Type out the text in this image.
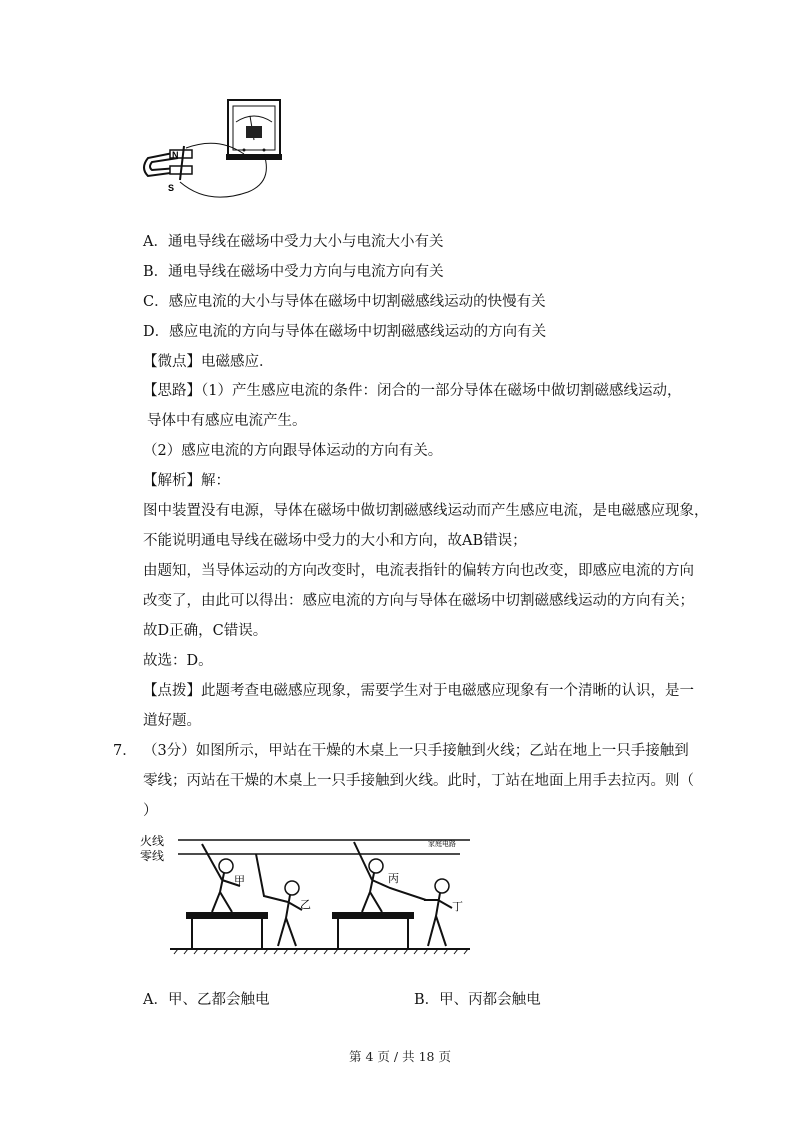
N
S
A．通电导线在磁场中受力大小与电流大小有关
B．通电导线在磁场中受力方向与电流方向有关
C．感应电流的大小与导体在磁场中切割磁感线运动的快慢有关
D．感应电流的方向与导体在磁场中切割磁感线运动的方向有关
【微点】电磁感应．
【思路】（1）产生感应电流的条件：闭合的一部分导体在磁场中做切割磁感线运动，
导体中有感应电流产生。
（2）感应电流的方向跟导体运动的方向有关。
【解析】解：
图中装置没有电源，导体在磁场中做切割磁感线运动而产生感应电流，是电磁感应现象，
不能说明通电导线在磁场中受力的大小和方向，故AB错误；
由题知，当导体运动的方向改变时，电流表指针的偏转方向也改变，即感应电流的方向
改变了，由此可以得出：感应电流的方向与导体在磁场中切割磁感线运动的方向有关；
故D正确，C错误。
故选：D。
【点拨】此题考查电磁感应现象，需要学生对于电磁感应现象有一个清晰的认识，是一
道好题。
7． （3分）如图所示，甲站在干燥的木桌上一只手接触到火线；乙站在地上一只手接触到
零线；丙站在干燥的木桌上一只手接触到火线。此时，丁站在地面上用手去拉丙。则（
）
火线
零线
家庭电路
甲
乙
丙
丁
A．甲、乙都会触电	B．甲、丙都会触电
第 4 页 / 共 18 页
